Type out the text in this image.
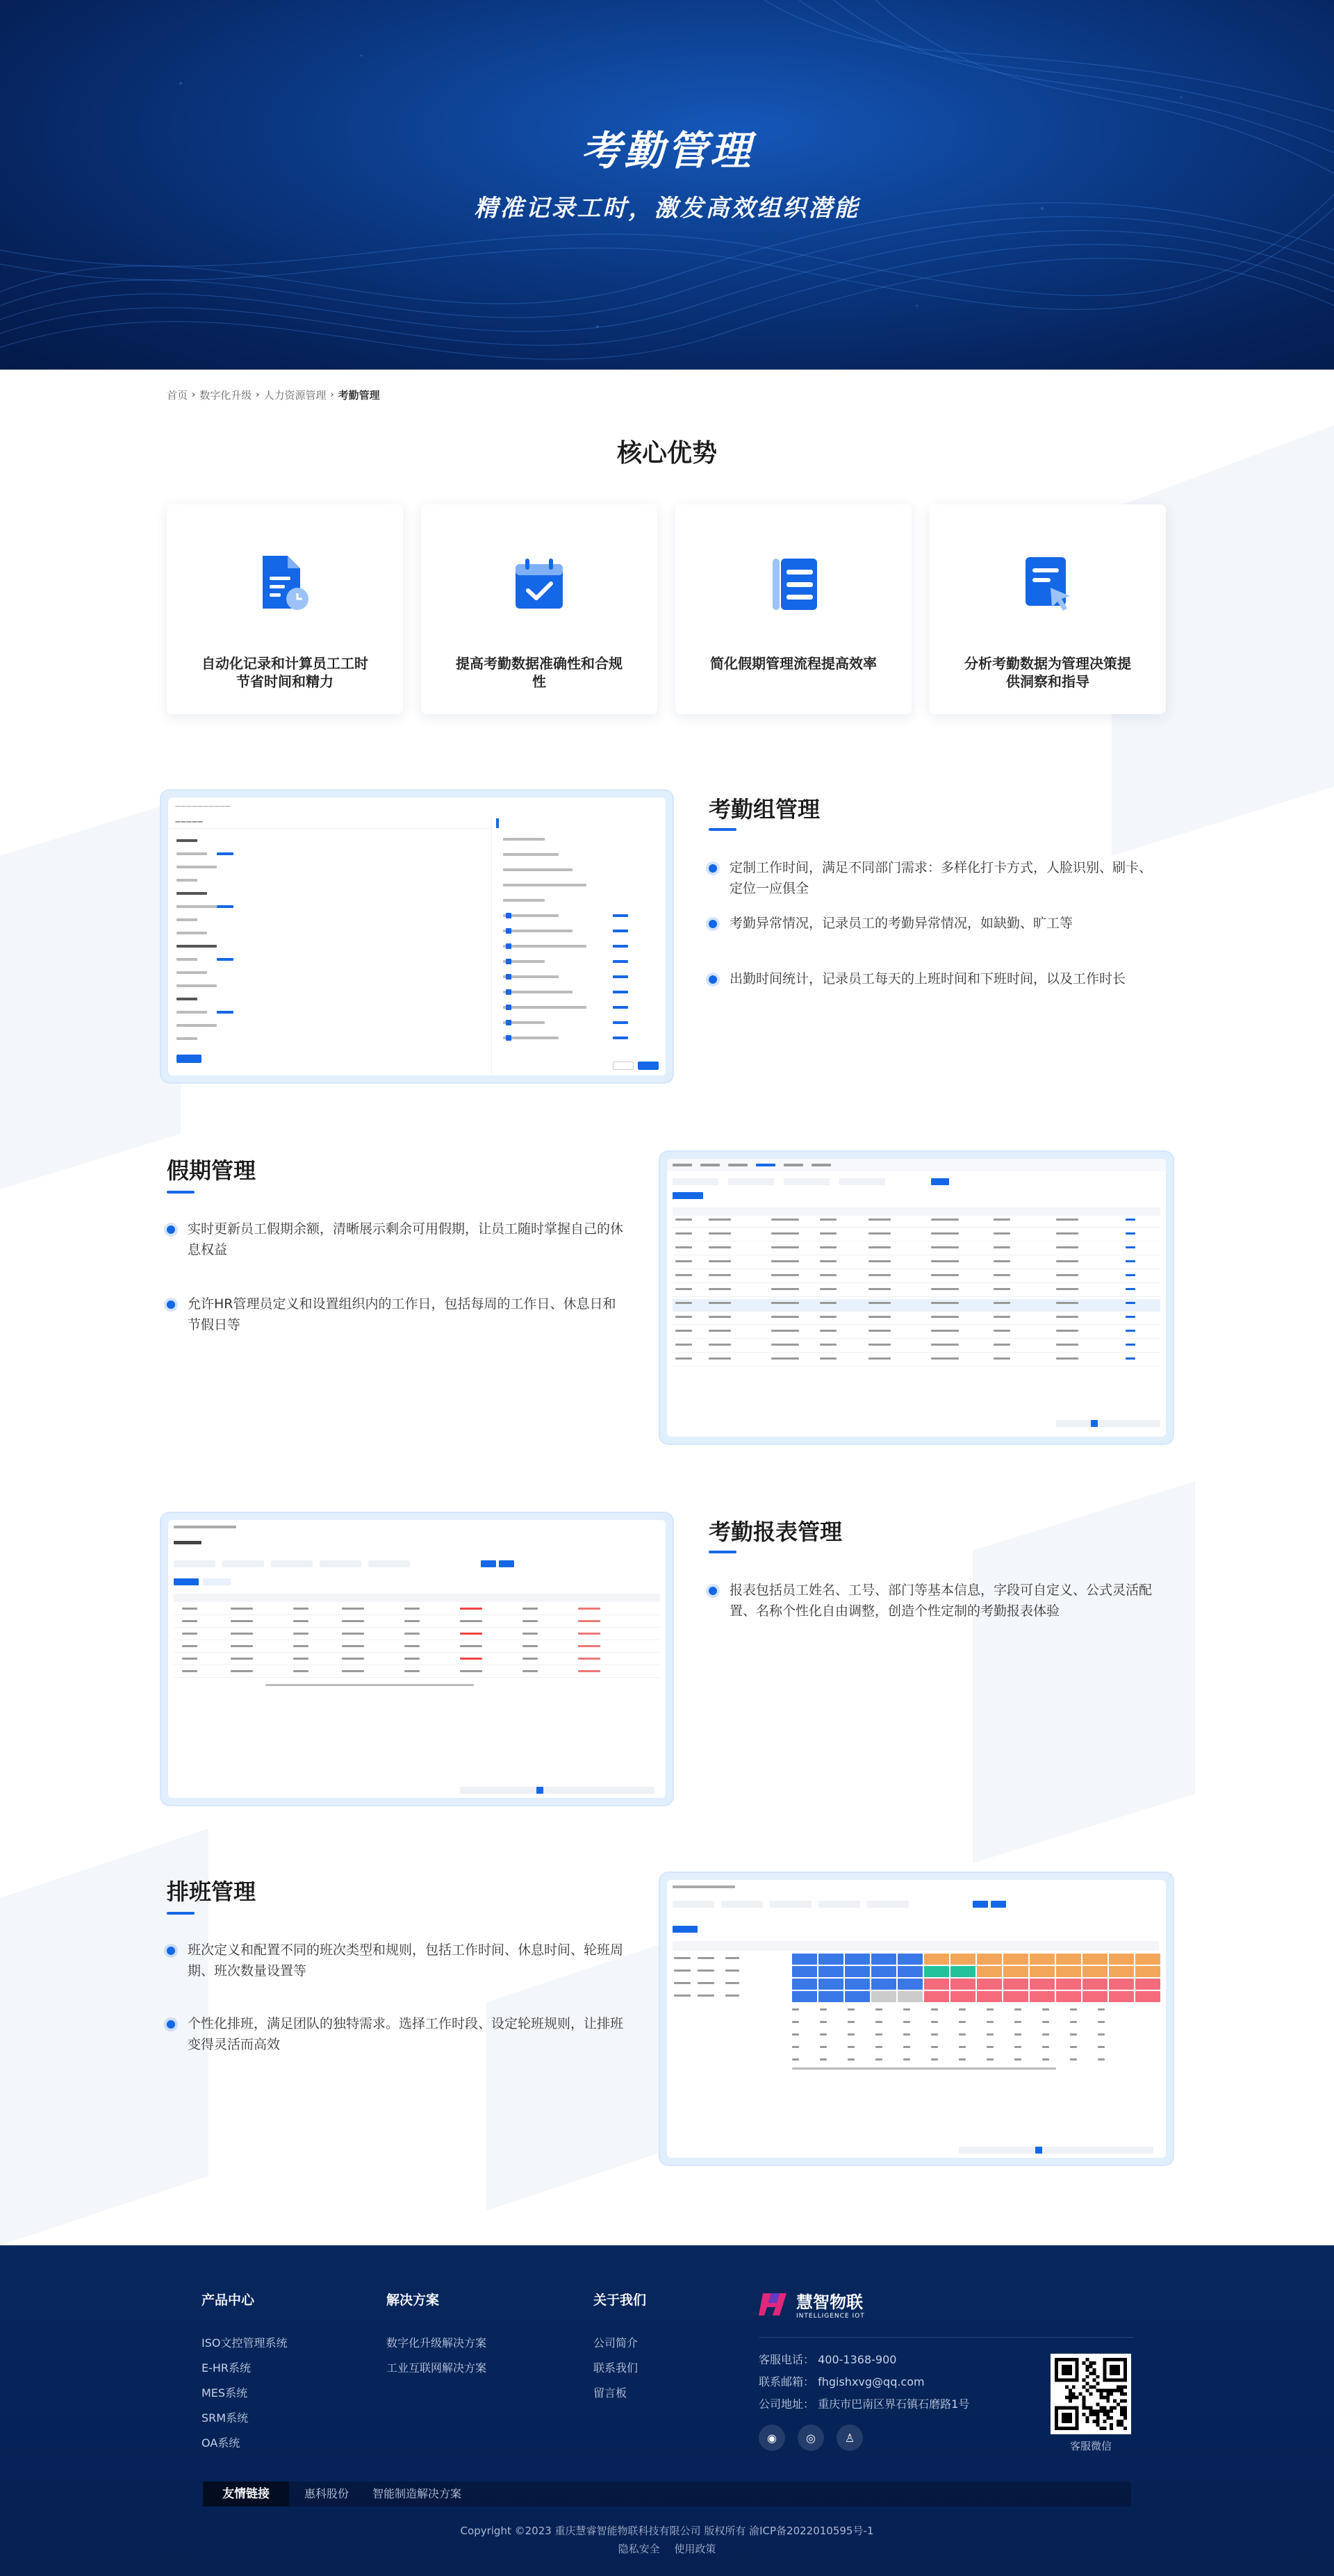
考勤管理
精准记录工时，激发高效组织潜能
首页 › 数字化升级 › 人力资源管理 › 考勤管理
核心优势
自动化记录和计算员工工时节省时间和精力
提高考勤数据准确性和合规性
简化假期管理流程提高效率	分析考勤数据为管理决策提供洞察和指导
——————————
—————	考勤组管理
定制工作时间，满足不同部门需求：多样化打卡方式，人脸识别、刷卡、定位一应俱全
考勤异常情况，记录员工的考勤异常情况，如缺勤、旷工等
出勤时间统计，记录员工每天的上班时间和下班时间，以及工作时长
假期管理
实时更新员工假期余额，清晰展示剩余可用假期，让员工随时掌握自己的休息权益
允许HR管理员定义和设置组织内的工作日，包括每周的工作日、休息日和节假日等
考勤报表管理
报表包括员工姓名、工号、部门等基本信息，字段可自定义、公式灵活配置、名称个性化自由调整，创造个性定制的考勤报表体验
排班管理
班次定义和配置不同的班次类型和规则，包括工作时间、休息时间、轮班周期、班次数量设置等
个性化排班，满足团队的独特需求。选择工作时段、设定轮班规则，让排班变得灵活而高效
产品中心
ISO文控管理系统
E-HR系统
MES系统
SRM系统
OA系统
解决方案
数字化升级解决方案
工业互联网解决方案
关于我们
公司简介
联系我们
留言板
慧智物联
INTELLIGENCE IOT
客服电话： 400-1368-900
联系邮箱： fhgishxvg@qq.com
公司地址： 重庆市巴南区界石镇石磨路1号
◉	◎	♙
客服微信
友情链接	惠科股份 智能制造解决方案
Copyright ©2023 重庆慧睿智能物联科技有限公司 版权所有 渝ICP备2022010595号-1
隐私安全 使用政策
